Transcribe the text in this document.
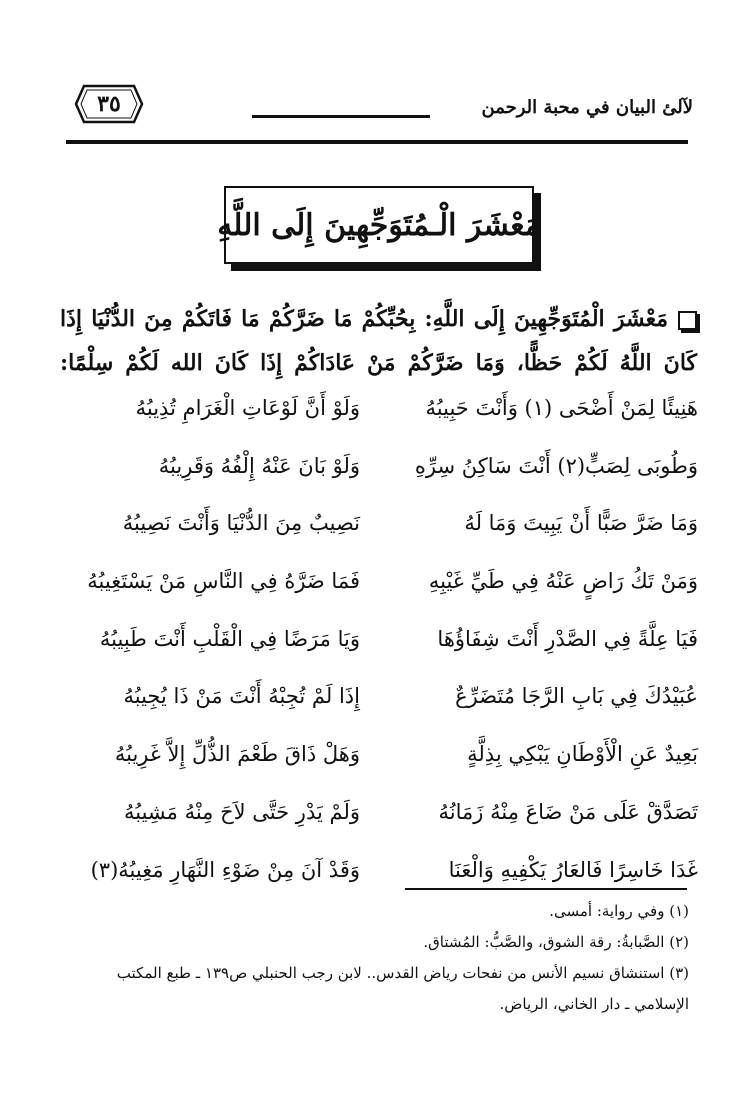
٣٥	لآلئ البيان في محبة الرحمن
مَعْشَرَ الْـمُتَوَجِّهِينَ إِلَى اللَّهِ
مَعْشَرَ الْمُتَوَجِّهِينَ إِلَى اللَّهِ: بِحُبِّكُمْ مَا ضَرَّكُمْ مَا فَاتَكُمْ مِنَ الدُّنْيَا إِذَا
كَانَ اللَّهُ لَكُمْ حَظًّا، وَمَا ضَرَّكُمْ مَنْ عَادَاكُمْ إِذَا كَانَ الله لَكُمْ سِلْمًا:
هَنِيئًا لِمَنْ أَضْحَى (١) وَأَنْتَ حَبِيبُهُ
وَلَوْ أَنَّ لَوْعَاتِ الْغَرَامِ تُذِيبُهُ
وَطُوبَى لِصَبٍّ(٢) أَنْتَ سَاكِنُ سِرِّهِ
وَلَوْ بَانَ عَنْهُ إِلْفُهُ وَقَرِيبُهُ
وَمَا ضَرَّ صَبًّا أَنْ يَبِيتَ وَمَا لَهُ
نَصِيبٌ مِنَ الدُّنْيَا وَأَنْتَ نَصِيبُهُ
وَمَنْ تَكُ رَاضٍ عَنْهُ فِي طَيِّ غَيْبِهِ
فَمَا ضَرَّهُ فِي النَّاسِ مَنْ يَسْتَغِيبُهُ
فَيَا عِلَّةً فِي الصَّدْرِ أَنْتَ شِفَاؤُهَا
وَيَا مَرَضًا فِي الْقَلْبِ أَنْتَ طَبِيبُهُ
عُبَيْدُكَ فِي بَابِ الرَّجَا مُتَضَرِّعٌ
إِذَا لَمْ تُجِبْهُ أَنْتَ مَنْ ذَا يُجِيبُهُ
بَعِيدٌ عَنِ الْأَوْطَانِ يَبْكِي بِذِلَّةٍ
وَهَلْ ذَاقَ طَعْمَ الذُّلِّ إِلاَّ غَرِيبُهُ
تَصَدَّقْ عَلَى مَنْ ضَاعَ مِنْهُ زَمَانُهُ
وَلَمْ يَدْرِ حَتَّى لاَحَ مِنْهُ مَشِيبُهُ
غَدَا خَاسِرًا فَالعَارُ يَكْفِيهِ وَالْعَنَا
وَقَدْ آنَ مِنْ ضَوْءِ النَّهَارِ مَغِيبُهُ(٣)

(١) وفي رواية: أمسى.

(٢) الصَّبابةُ: رقة الشوق، والصَّبُّ: المُشتاق.

(٣) استنشاق نسيم الأنس من نفحات رياض القدس.. لابن رجب الحنبلي ص١٣٩ ـ طبع المكتب الإسلامي ـ دار الخاني، الرياض.
